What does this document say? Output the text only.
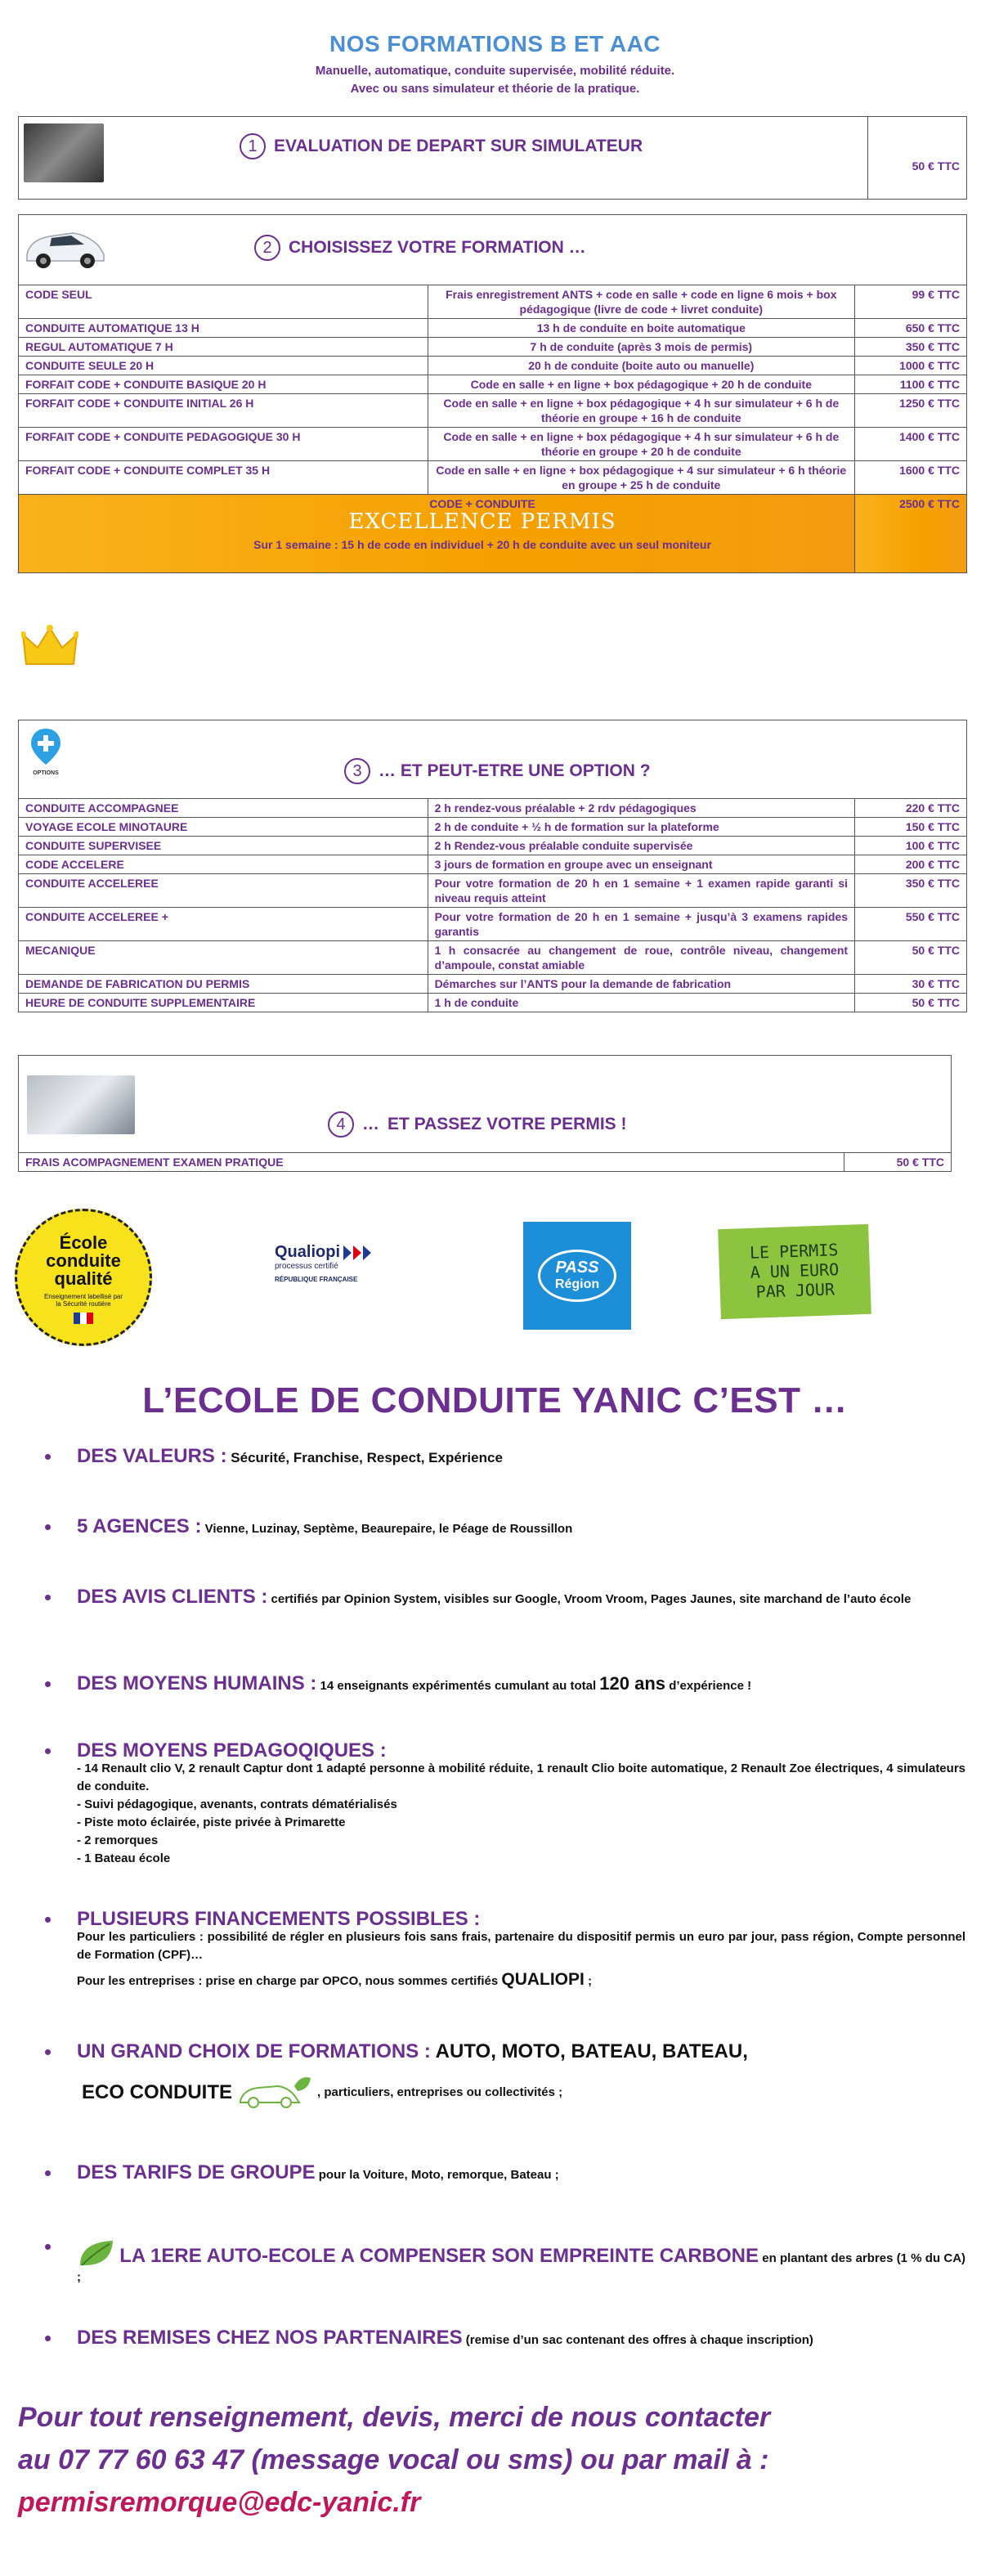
NOS FORMATIONS B ET AAC
Manuelle, automatique, conduite supervisée, mobilité réduite.
Avec ou sans simulateur et théorie de la pratique.
1 EVALUATION DE DEPART SUR SIMULATEUR
50 € TTC
2 CHOISISSEZ VOTRE FORMATION …
CODE SEUL	Frais enregistrement ANTS + code en salle + code en ligne 6 mois + box pédagogique (livre de code + livret conduite)	99 € TTC
CONDUITE AUTOMATIQUE 13 H	13 h de conduite en boite automatique	650 € TTC
REGUL AUTOMATIQUE 7 H	7 h de conduite (après 3 mois de permis)	350 € TTC
CONDUITE SEULE 20 H	20 h de conduite (boite auto ou manuelle)	1000 € TTC
FORFAIT CODE + CONDUITE BASIQUE 20 H	Code en salle + en ligne + box pédagogique + 20 h de conduite	1100 € TTC
FORFAIT CODE + CONDUITE INITIAL 26 H	Code en salle + en ligne + box pédagogique + 4 h sur simulateur + 6 h de théorie en groupe + 16 h de conduite	1250 € TTC
FORFAIT CODE + CONDUITE PEDAGOGIQUE 30 H	Code en salle + en ligne + box pédagogique + 4 h sur simulateur + 6 h de théorie en groupe + 20 h de conduite	1400 € TTC
FORFAIT CODE + CONDUITE COMPLET 35 H	Code en salle + en ligne + box pédagogique + 4 sur simulateur + 6 h théorie en groupe + 25 h de conduite	1600 € TTC

CODE + CONDUITE
EXCELLENCE PERMIS
Sur 1 semaine : 15 h de code en individuel + 20 h de conduite avec un seul moniteur		2500 € TTC
OPTIONS	3 … ET PEUT-ETRE UNE OPTION ?
CONDUITE ACCOMPAGNEE	2 h rendez-vous préalable + 2 rdv pédagogiques	220 € TTC
VOYAGE ECOLE MINOTAURE	2 h de conduite + ½ h de formation sur la plateforme	150 € TTC
CONDUITE SUPERVISEE	2 h Rendez-vous préalable conduite supervisée	100 € TTC
CODE ACCELERE	3 jours de formation en groupe avec un enseignant	200 € TTC
CONDUITE ACCELEREE	Pour votre formation de 20 h en 1 semaine + 1 examen rapide garanti si niveau requis atteint	350 € TTC
CONDUITE ACCELEREE +	Pour votre formation de 20 h en 1 semaine + jusqu’à 3 examens rapides garantis	550 € TTC
MECANIQUE	1 h consacrée au changement de roue, contrôle niveau, changement d’ampoule, constat amiable	50 € TTC
DEMANDE DE FABRICATION DU PERMIS	Démarches sur l’ANTS pour la demande de fabrication	30 € TTC
HEURE DE CONDUITE SUPPLEMENTAIRE	1 h de conduite	50 € TTC
4 … ET PASSEZ VOTRE PERMIS !
FRAIS ACOMPAGNEMENT EXAMEN PRATIQUE	50 € TTC
École
conduite
qualité
Enseignement labellisé par la Sécurité routière
Qualiopi
processus certifié
RÉPUBLIQUE FRANÇAISE
PASS
Région
LE PERMIS
A UN EURO
PAR JOUR
L’ECOLE DE CONDUITE YANIC C’EST …
DES VALEURS : Sécurité, Franchise, Respect, Expérience
5 AGENCES : Vienne, Luzinay, Septème, Beaurepaire, le Péage de Roussillon
DES AVIS CLIENTS : certifiés par Opinion System, visibles sur Google, Vroom Vroom, Pages Jaunes, site marchand de l’auto école
DES MOYENS HUMAINS : 14 enseignants expérimentés cumulant au total 120 ans d’expérience !
DES MOYENS PEDAGOQIQUES :
- 14 Renault clio V, 2 renault Captur dont 1 adapté personne à mobilité réduite, 1 renault Clio boite automatique, 2 Renault Zoe électriques, 4 simulateurs de conduite.
- Suivi pédagogique, avenants, contrats dématérialisés
- Piste moto éclairée, piste privée à Primarette
- 2 remorques
- 1 Bateau école
PLUSIEURS FINANCEMENTS POSSIBLES :
Pour les particuliers : possibilité de régler en plusieurs fois sans frais, partenaire du dispositif permis un euro par jour, pass région, Compte personnel de Formation (CPF)…
Pour les entreprises : prise en charge par OPCO, nous sommes certifiés QUALIOPI ;
UN GRAND CHOIX DE FORMATIONS : AUTO, MOTO, BATEAU, BATEAU,
ECO CONDUITE	, particuliers, entreprises ou collectivités ;
DES TARIFS DE GROUPE pour la Voiture, Moto, remorque, Bateau ;
LA 1ERE AUTO-ECOLE A COMPENSER SON EMPREINTE CARBONE en plantant des arbres (1 % du CA) ;
DES REMISES CHEZ NOS PARTENAIRES (remise d’un sac contenant des offres à chaque inscription)
Pour tout renseignement, devis, merci de nous contacter
au 07 77 60 63 47 (message vocal ou sms) ou par mail à :
permisremorque@edc-yanic.fr
